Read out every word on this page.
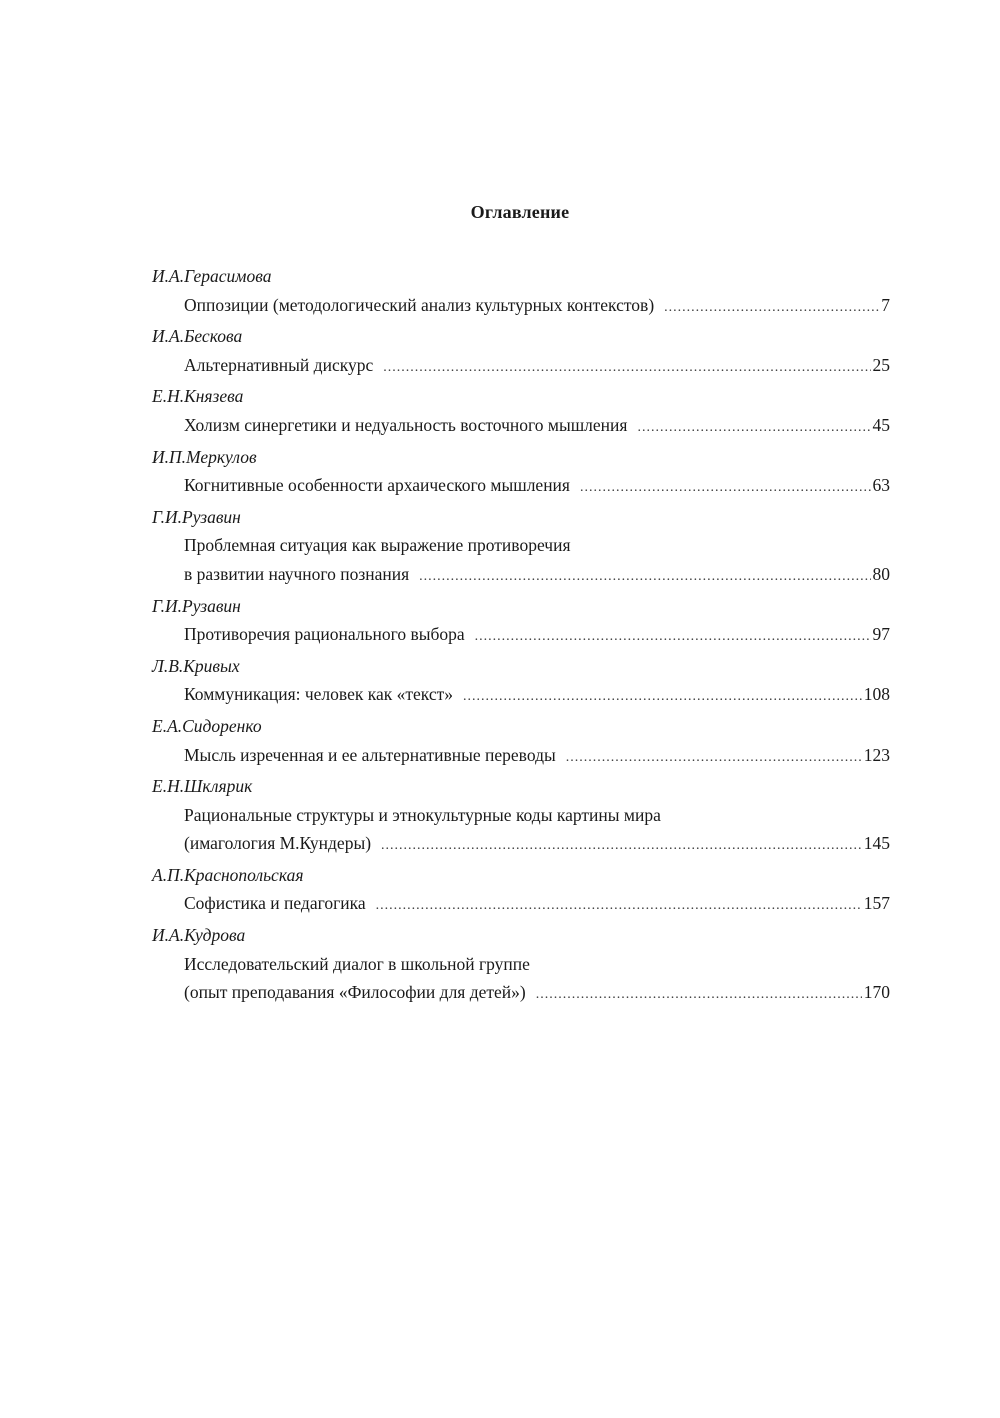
Оглавление
И.А.Герасимова
Оппозиции (методологический анализ культурных контекстов) .....	7
И.А.Бескова
Альтернативный дискурс .....	25
Е.Н.Князева
Холизм синергетики и недуальность восточного мышления .....	45
И.П.Меркулов
Когнитивные особенности архаического мышления .....	63
Г.И.Рузавин
Проблемная ситуация как выражение противоречия
в развитии научного познания .....	80
Г.И.Рузавин
Противоречия рационального выбора .....	97
Л.В.Кривых
Коммуникация: человек как «текст» .....	108
Е.А.Сидоренко
Мысль изреченная и ее альтернативные переводы .....	123
Е.Н.Шклярик
Рациональные структуры и этнокультурные коды картины мира
(имагология М.Кундеры) .....	145
А.П.Краснопольская
Софистика и педагогика .....	157
И.А.Кудрова
Исследовательский диалог в школьной группе
(опыт преподавания «Философии для детей») .....	170
